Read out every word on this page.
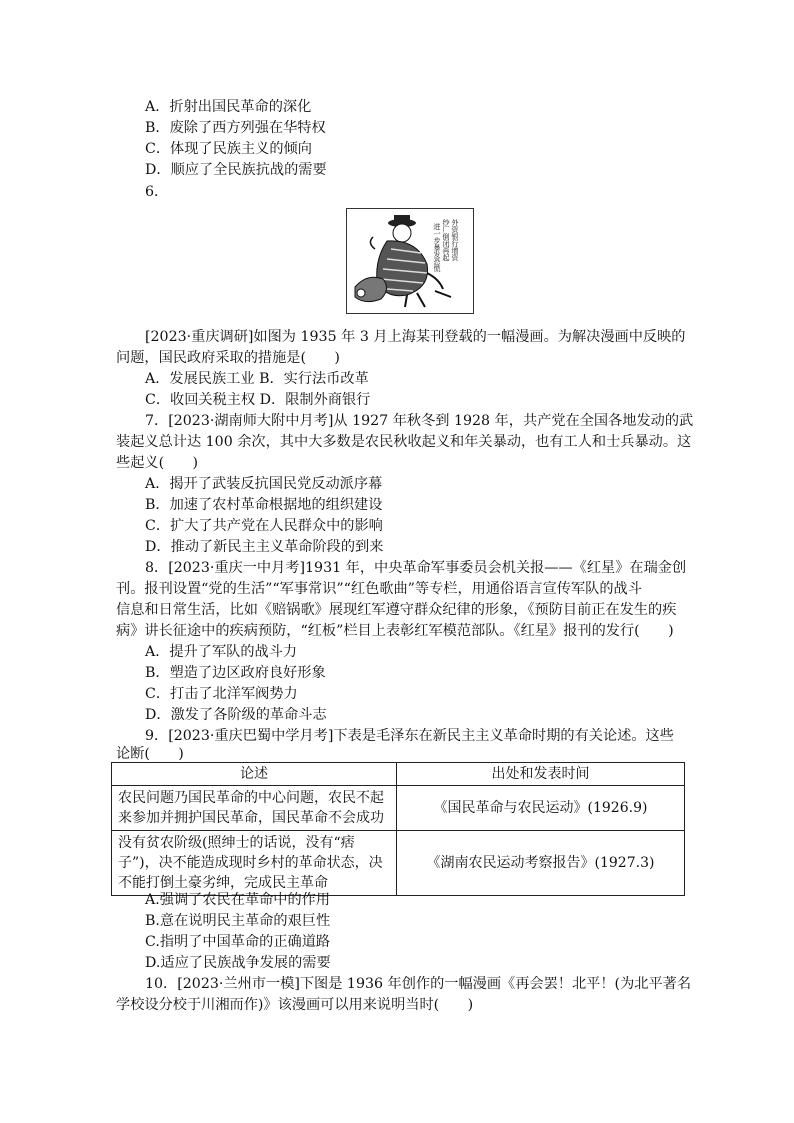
A．折射出国民革命的深化
B．废除了西方列强在华特权
C．体现了民族主义的倾向
D．顺应了全民族抗战的需要
6．
外资银行增资
纱厂倒闭再起
进一步暴发恐慌
[2023·重庆调研]如图为 1935 年 3 月上海某刊登载的一幅漫画。为解决漫画中反映的
问题，国民政府采取的措施是(　　)
A．发展民族工业 B．实行法币改革
C．收回关税主权 D．限制外商银行
7．[2023·湖南师大附中月考]从 1927 年秋冬到 1928 年，共产党在全国各地发动的武
装起义总计达 100 余次，其中大多数是农民秋收起义和年关暴动，也有工人和士兵暴动。这
些起义(　　)
A．揭开了武装反抗国民党反动派序幕
B．加速了农村革命根据地的组织建设
C．扩大了共产党在人民群众中的影响
D．推动了新民主主义革命阶段的到来
8．[2023·重庆一中月考]1931 年，中央革命军事委员会机关报——《红星》在瑞金创
刊。报刊设置“党的生活”“军事常识”“红色歌曲”等专栏，用通俗语言宣传军队的战斗
信息和日常生活，比如《赔锅歌》展现红军遵守群众纪律的形象，《预防目前正在发生的疾
病》讲长征途中的疾病预防，“红板”栏目上表彰红军模范部队。《红星》报刊的发行(　　)
A．提升了军队的战斗力
B．塑造了边区政府良好形象
C．打击了北洋军阀势力
D．激发了各阶级的革命斗志
9．[2023·重庆巴蜀中学月考]下表是毛泽东在新民主主义革命时期的有关论述。这些
论断(　　)
论述	出处和发表时间
农民问题乃国民革命的中心问题，农民不起来参加并拥护国民革命，国民革命不会成功	《国民革命与农民运动》(1926.9)
没有贫农阶级(照绅士的话说，没有“痞子”)，决不能造成现时乡村的革命状态，决不能打倒土豪劣绅，完成民主革命	《湖南农民运动考察报告》(1927.3)
A.强调了农民在革命中的作用
B.意在说明民主革命的艰巨性
C.指明了中国革命的正确道路
D.适应了民族战争发展的需要
10．[2023·兰州市一模]下图是 1936 年创作的一幅漫画《再会罢！北平！(为北平著名
学校设分校于川湘而作)》该漫画可以用来说明当时(　　)
